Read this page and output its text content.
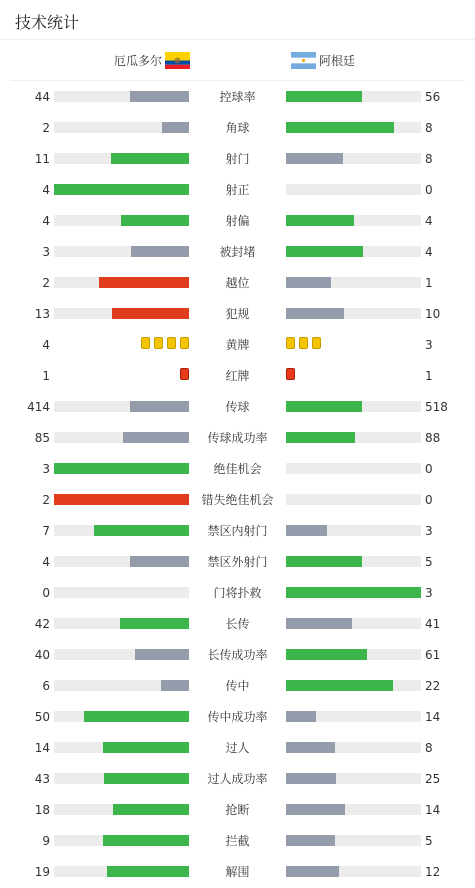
技术统计
厄瓜多尔	阿根廷
44	控球率	56
2	角球	8
11	射门	8
4	射正	0
4	射偏	4
3	被封堵	4
2	越位	1
13	犯规	10
4	黄牌	3
1	红牌	1
414	传球	518
85	传球成功率	88
3	绝佳机会	0
2	错失绝佳机会	0
7	禁区内射门	3
4	禁区外射门	5
0	门将扑救	3
42	长传	41
40	长传成功率	61
6	传中	22
50	传中成功率	14
14	过人	8
43	过人成功率	25
18	抢断	14
9	拦截	5
19	解围	12
